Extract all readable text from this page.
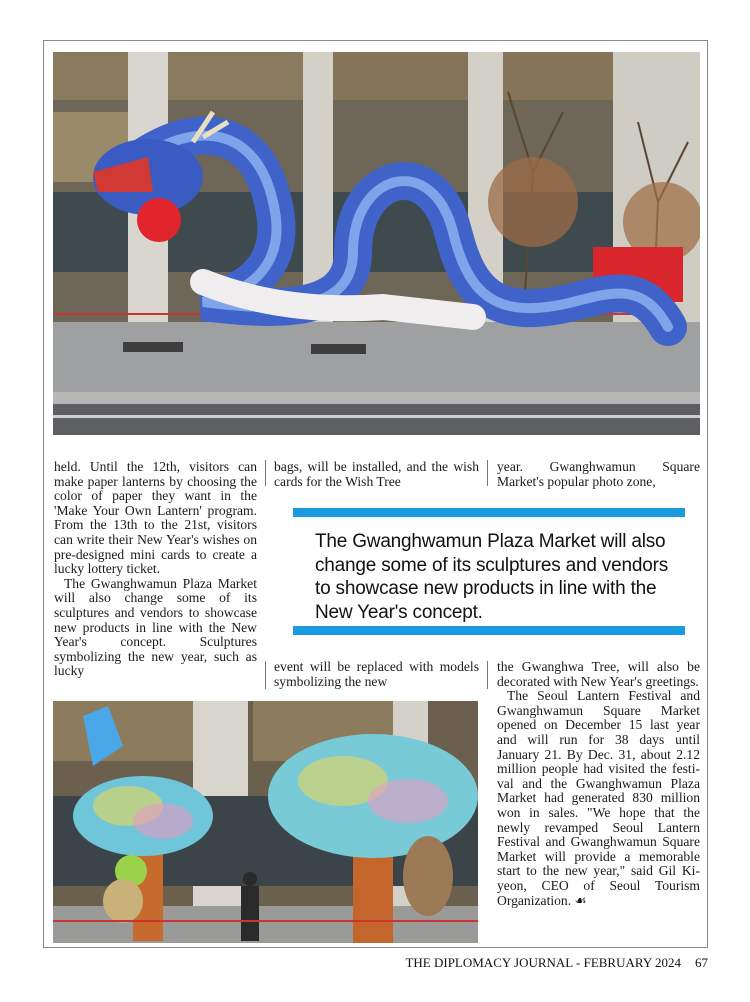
held. Until the 12th, visitors can make paper lanterns by choosing the color of paper they want in the 'Make Your Own Lantern' program. From the 13th to the 21st, visitors can write their New Year's wishes on pre-designed mini cards to create a lucky lottery ticket.

The Gwanghwamun Plaza Market will also change some of its sculptures and vendors to showcase new products in line with the New Year's concept. Sculptures symbolizing the new year, such as lucky

bags, will be installed, and the wish cards for the Wish Tree

event will be replaced with models symbolizing the new

year. Gwanghwamun Square Market's popular photo zone,

the Gwanghwa Tree, will also be decorated with New Year's greetings.

The Seoul Lantern Festival and Gwanghwamun Square Market opened on December 15 last year and will run for 38 days until January 21. By Dec. 31, about 2.12 million people had visited the festival and the Gwanghwamun Plaza Market had generated 830 million won in sales. "We hope that the newly revamped Seoul Lantern Festival and Gwanghwamun Square Market will provide a memorable start to the new year," said Gil Ki-yeon, CEO of Seoul Tourism Organization. ☙

The Gwanghwamun Plaza Market will also change some of its sculptures and vendors to showcase new products in line with the New Year's concept.
THE DIPLOMACY JOURNAL - FEBRUARY 2024 67
